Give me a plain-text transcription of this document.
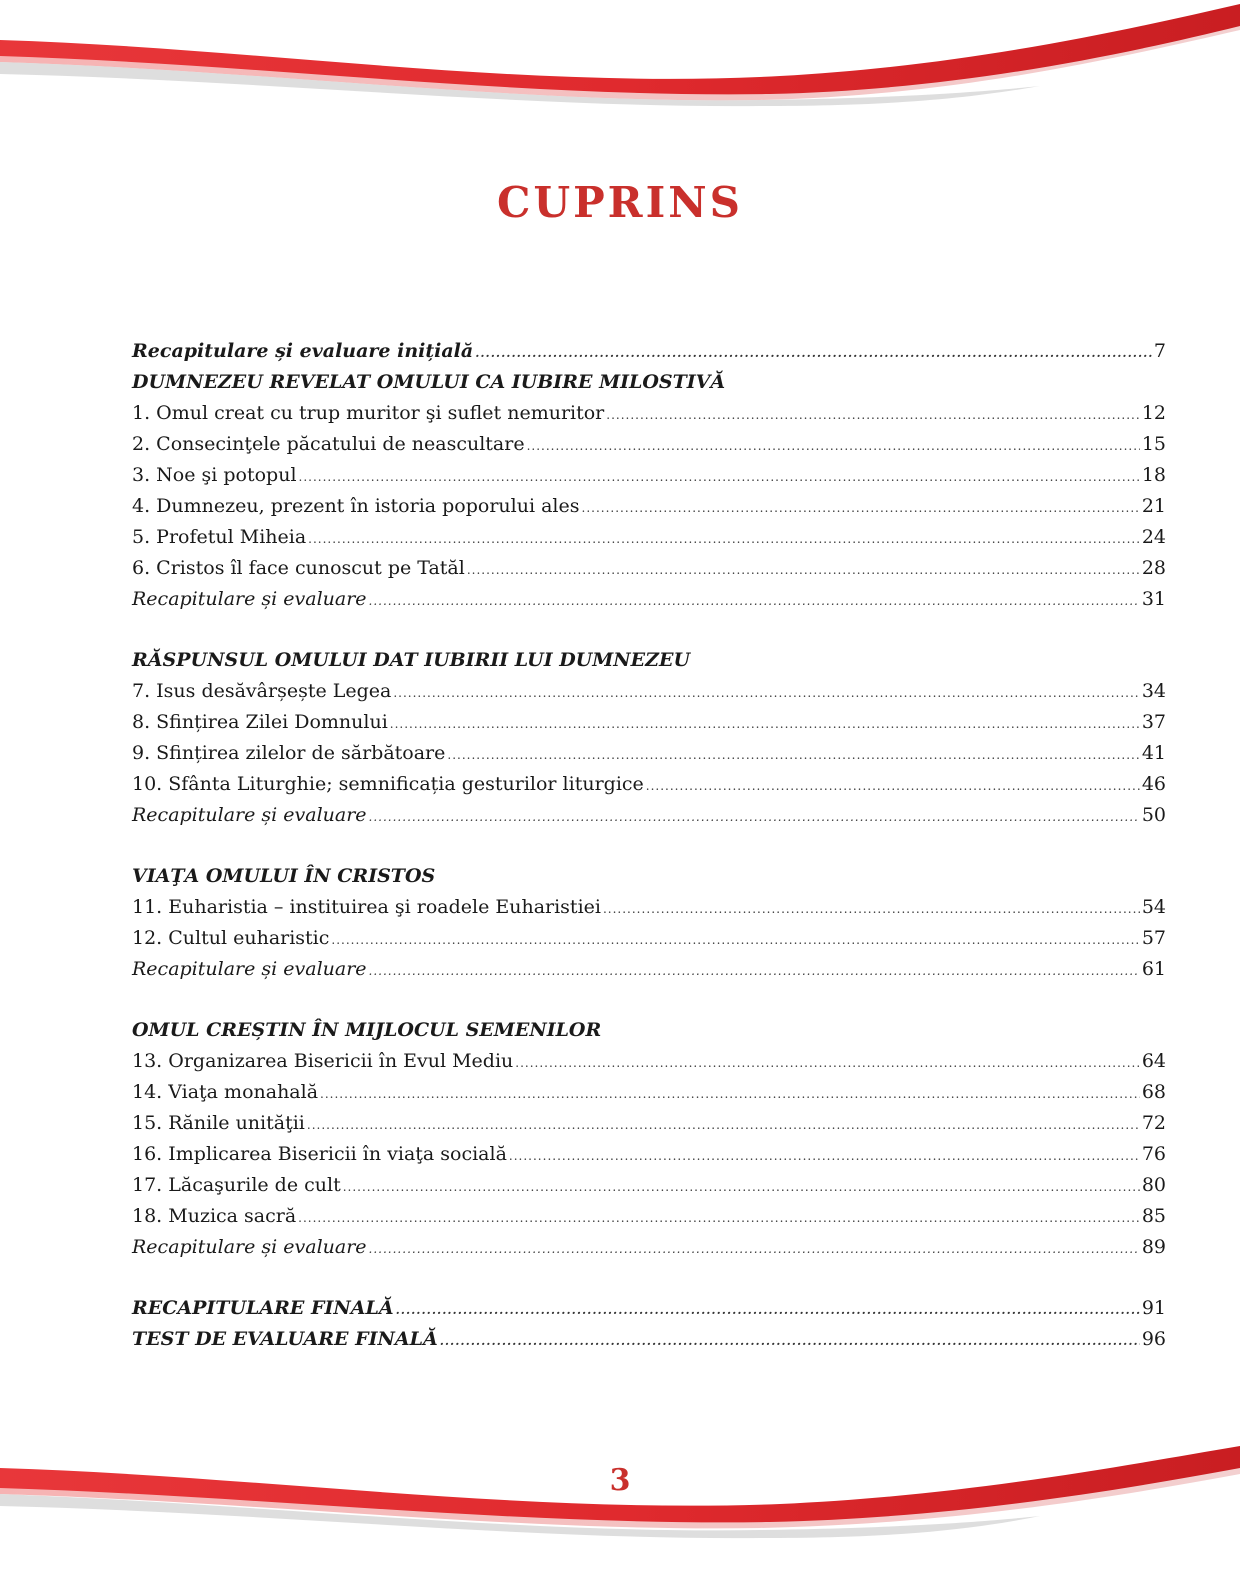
CUPRINS
Recapitulare și evaluare inițială .....	7
DUMNEZEU REVELAT OMULUI CA IUBIRE MILOSTIVĂ
1. Omul creat cu trup muritor şi suflet nemuritor .....	12
2. Consecinţele păcatului de neascultare .....	15
3. Noe şi potopul .....	18
4. Dumnezeu, prezent în istoria poporului ales .....	21
5. Profetul Miheia .....	24
6. Cristos îl face cunoscut pe Tatăl .....	28
Recapitulare și evaluare .....	31
RĂSPUNSUL OMULUI DAT IUBIRII LUI DUMNEZEU
7. Isus desăvârșește Legea .....	34
8. Sfințirea Zilei Domnului .....	37
9. Sfințirea zilelor de sărbătoare .....	41
10. Sfânta Liturghie; semnificația gesturilor liturgice .....	46
Recapitulare și evaluare .....	50
VIAŢA OMULUI ÎN CRISTOS
11. Euharistia – instituirea şi roadele Euharistiei .....	54
12. Cultul euharistic .....	57
Recapitulare și evaluare .....	61
OMUL CREȘTIN ÎN MIJLOCUL SEMENILOR
13. Organizarea Bisericii în Evul Mediu .....	64
14. Viaţa monahală .....	68
15. Rănile unităţii .....	72
16. Implicarea Bisericii în viaţa socială .....	76
17. Lăcaşurile de cult .....	80
18. Muzica sacră .....	85
Recapitulare și evaluare .....	89
RECAPITULARE FINALĂ .....	91
TEST DE EVALUARE FINALĂ .....	96
3
